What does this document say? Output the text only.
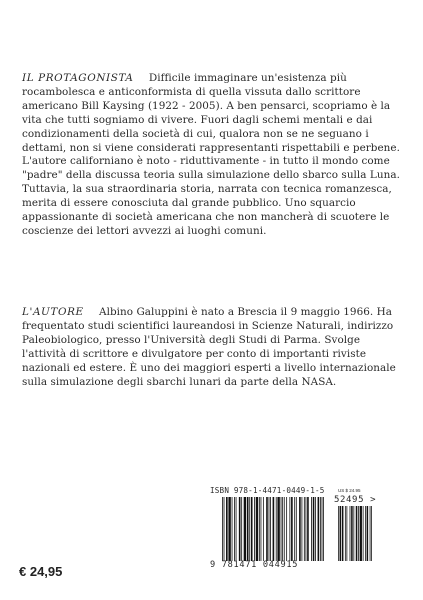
IL PROTAGONISTA Difficile immaginare un'esistenza più rocambolesca e anticonformista di quella vissuta dallo scrittore americano Bill Kaysing (1922 - 2005). A ben pensarci, scopriamo è la vita che tutti sogniamo di vivere. Fuori dagli schemi mentali e dai condizionamenti della società di cui, qualora non se ne seguano i dettami, non si viene considerati rappresentanti rispettabili e perbene. L'autore californiano è noto - riduttivamente - in tutto il mondo come "padre" della discussa teoria sulla simulazione dello sbarco sulla Luna. Tuttavia, la sua straordinaria storia, narrata con tecnica romanzesca, merita di essere conosciuta dal grande pubblico. Uno squarcio appassionante di società americana che non mancherà di scuotere le coscienze dei lettori avvezzi ai luoghi comuni.
L'AUTORE Albino Galuppini è nato a Brescia il 9 maggio 1966. Ha frequentato studi scientifici laureandosi in Scienze Naturali, indirizzo Paleobiologico, presso l'Università degli Studi di Parma. Svolge l'attività di scrittore e divulgatore per conto di importanti riviste nazionali ed estere. È uno dei maggiori esperti a livello internazionale sulla simulazione degli sbarchi lunari da parte della NASA.
ISBN 978-1-4471-0449-1-5	US $ 24.95
52495 >
9 781471 044915
€ 24,95
